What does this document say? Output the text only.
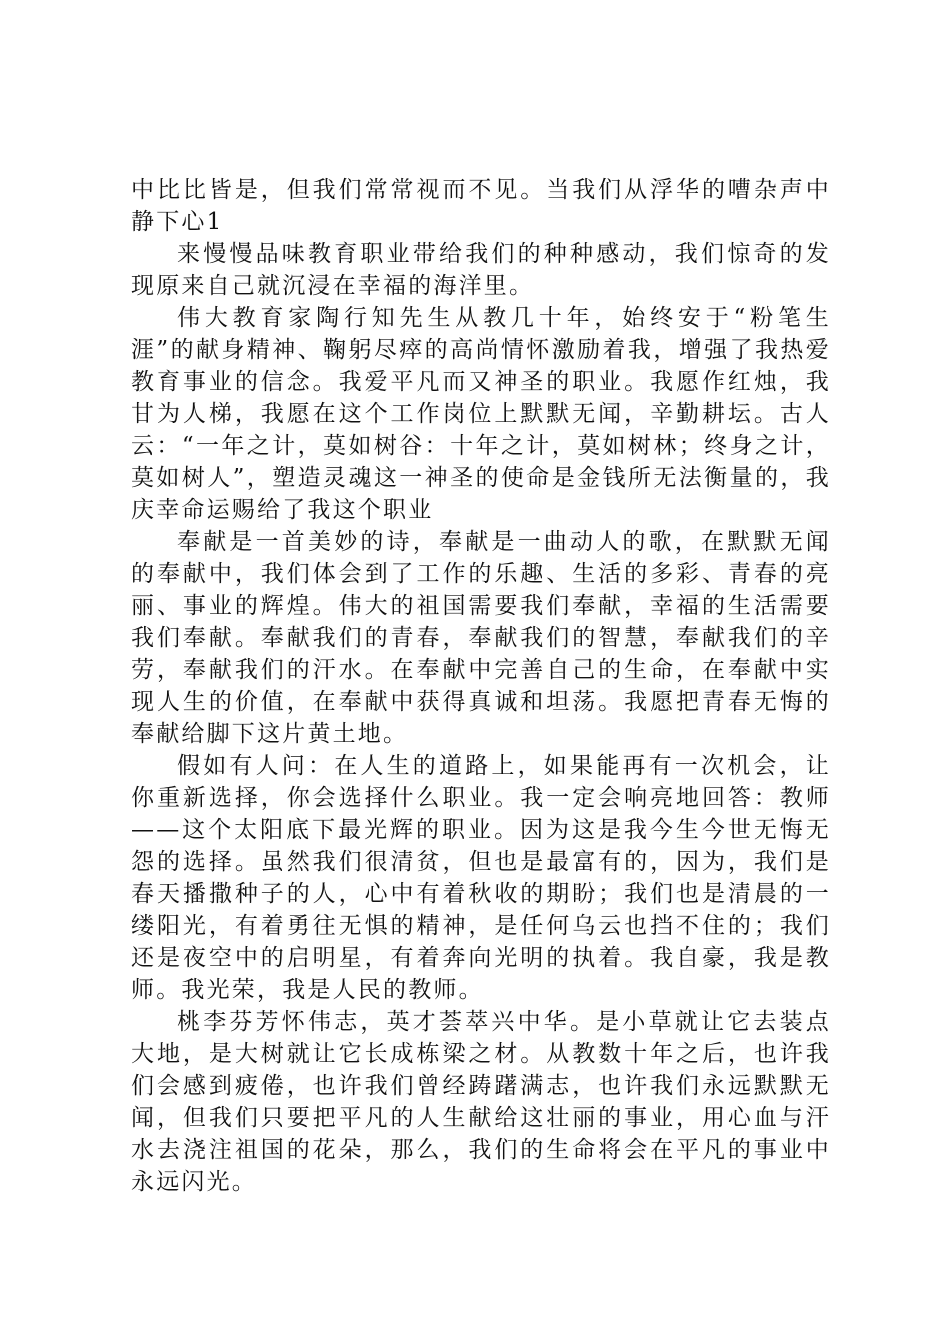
中比比皆是，但我们常常视而不见。当我们从浮华的嘈杂声中静下心1

来慢慢品味教育职业带给我们的种种感动，我们惊奇的发现原来自己就沉浸在幸福的海洋里。

伟大教育家陶行知先生从教几十年，始终安于“粉笔生涯”的献身精神、鞠躬尽瘁的高尚情怀激励着我，增强了我热爱教育事业的信念。我爱平凡而又神圣的职业。我愿作红烛，我甘为人梯，我愿在这个工作岗位上默默无闻，辛勤耕坛。古人云：“一年之计，莫如树谷：十年之计，莫如树林；终身之计，莫如树人”，塑造灵魂这一神圣的使命是金钱所无法衡量的，我庆幸命运赐给了我这个职业

奉献是一首美妙的诗，奉献是一曲动人的歌，在默默无闻的奉献中，我们体会到了工作的乐趣、生活的多彩、青春的亮丽、事业的辉煌。伟大的祖国需要我们奉献，幸福的生活需要我们奉献。奉献我们的青春，奉献我们的智慧，奉献我们的辛劳，奉献我们的汗水。在奉献中完善自己的生命，在奉献中实现人生的价值，在奉献中获得真诚和坦荡。我愿把青春无悔的奉献给脚下这片黄土地。

假如有人问：在人生的道路上，如果能再有一次机会，让你重新选择，你会选择什么职业。我一定会响亮地回答：教师——这个太阳底下最光辉的职业。因为这是我今生今世无悔无怨的选择。虽然我们很清贫，但也是最富有的，因为，我们是春天播撒种子的人，心中有着秋收的期盼；我们也是清晨的一缕阳光，有着勇往无惧的精神，是任何乌云也挡不住的；我们还是夜空中的启明星，有着奔向光明的执着。我自豪，我是教师。我光荣，我是人民的教师。

桃李芬芳怀伟志，英才荟萃兴中华。是小草就让它去装点大地，是大树就让它长成栋梁之材。从教数十年之后，也许我们会感到疲倦，也许我们曾经踌躇满志，也许我们永远默默无闻，但我们只要把平凡的人生献给这壮丽的事业，用心血与汗水去浇注祖国的花朵，那么，我们的生命将会在平凡的事业中永远闪光。
